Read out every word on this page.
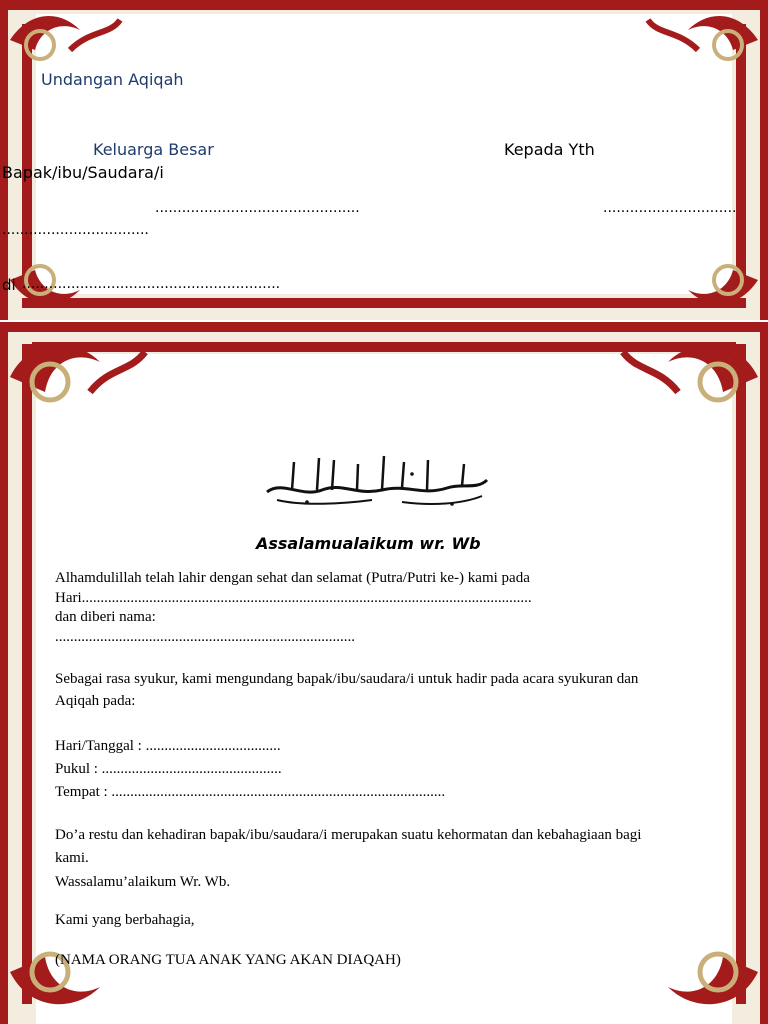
Undangan Aqiqah
Keluarga Besar	Kepada Yth
Bapak/ibu/Saudara/i
..............................................	..............................
.................................
di ..........................................................
Assalamualaikum wr. Wb
Alhamdulillah telah lahir dengan sehat dan selamat (Putra/Putri ke-) kami pada
Hari........................................................................................................................
dan diberi nama:
................................................................................
Sebagai rasa syukur, kami mengundang bapak/ibu/saudara/i untuk hadir pada acara syukuran dan
Aqiqah pada:
Hari/Tanggal : ....................................
Pukul : ................................................
Tempat : .........................................................................................
Do’a restu dan kehadiran bapak/ibu/saudara/i merupakan suatu kehormatan dan kebahagiaan bagi
kami.
Wassalamu’alaikum Wr. Wb.
Kami yang berbahagia,
(NAMA ORANG TUA ANAK YANG AKAN DIAQAH)
